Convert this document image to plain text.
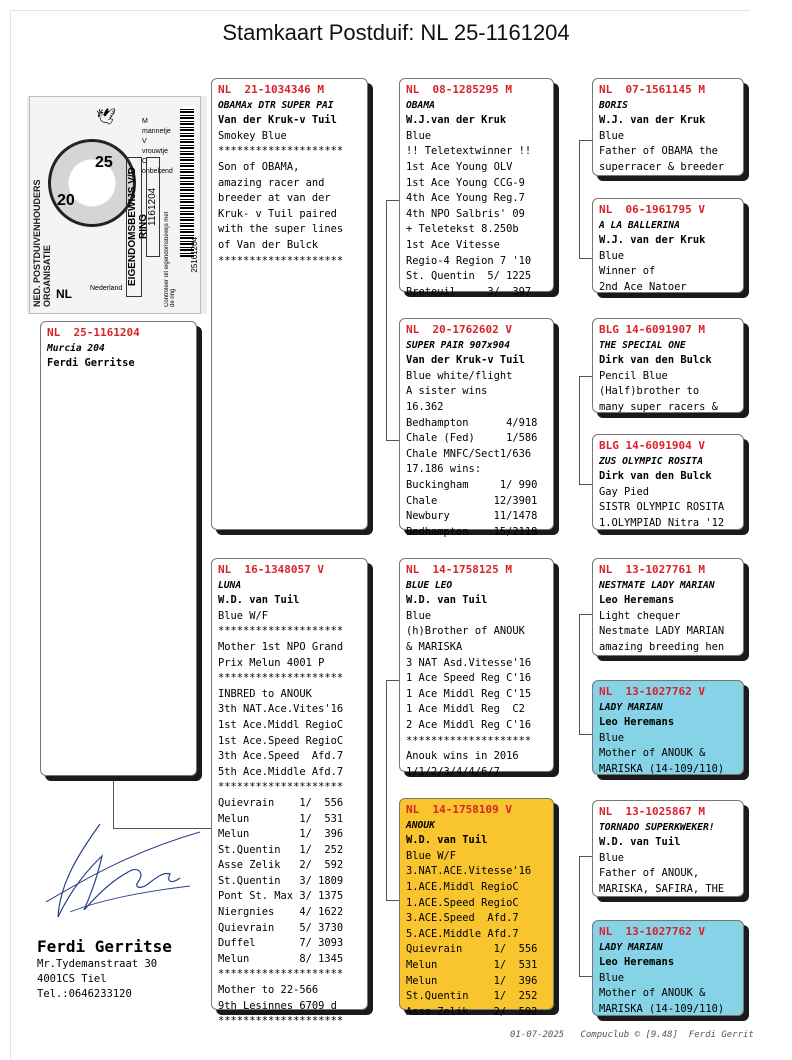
Stamkaart Postduif: NL 25-1161204
NED. POSTDUIVENHOUDERS ORGANISATIE
🕊
25
20
M mannetje
V vrouwtje
O onbekend
EIGENDOMSBEWIJS V/D RING
1161204
NL	Nederland	Controleer dit eigendomsbewijs met de ring
25161204
NL  25-1161204
Murcia 204
Ferdi Gerritse
NL  21-1034346 M
OBAMAx DTR SUPER PAI
Van der Kruk-v Tuil
Smokey Blue
********************
Son of OBAMA,
amazing racer and
breeder at van der
Kruk- v Tuil paired
with the super lines
of Van der Bulck
********************
NL  16-1348057 V
LUNA
W.D. van Tuil
Blue W/F
********************
Mother 1st NPO Grand
Prix Melun 4001 P
********************
INBRED to ANOUK
3th NAT.Ace.Vites'16
1st Ace.Middl RegioC
1st Ace.Speed RegioC
3th Ace.Speed  Afd.7
5th Ace.Middle Afd.7
********************
Quievrain    1/  556
Melun        1/  531
Melun        1/  396
St.Quentin   1/  252
Asse Zelik   2/  592
St.Quentin   3/ 1809
Pont St. Max 3/ 1375
Niergnies    4/ 1622
Quievrain    5/ 3730
Duffel       7/ 3093
Melun        8/ 1345
********************
Mother to 22-566
9th Lesinnes 6709 d
********************
NL  08-1285295 M
OBAMA
W.J.van der Kruk
Blue
!! Teletextwinner !!
1st Ace Young OLV
1st Ace Young CCG-9
4th Ace Young Reg.7
4th NPO Salbris' 09
+ Teletekst 8.250b
1st Ace Vitesse
Regio-4 Region 7 '10
St. Quentin  5/ 1225
Breteuil     3/  397
NL  20-1762602 V
SUPER PAIR 907x904
Van der Kruk-v Tuil
Blue white/flight
A sister wins
16.362
Bedhampton      4/918
Chale (Fed)     1/586
Chale MNFC/Sect1/636
17.186 wins:
Buckingham     1/ 990
Chale         12/3901
Newbury       11/1478
Bedhampton    15/2118
NL  14-1758125 M
BLUE LEO
W.D. van Tuil
Blue
(h)Brother of ANOUK
& MARISKA
3 NAT Asd.Vitesse'16
1 Ace Speed Reg C'16
1 Ace Middl Reg C'15
1 Ace Middl Reg  C2
2 Ace Middl Reg C'16
********************
Anouk wins in 2016
1/1/2/3/4/4/6/7
NL  14-1758109 V
ANOUK
W.D. van Tuil
Blue W/F
3.NAT.ACE.Vitesse'16
1.ACE.Middl RegioC
1.ACE.Speed RegioC
3.ACE.Speed  Afd.7
5.ACE.Middle Afd.7
Quievrain     1/  556
Melun         1/  531
Melun         1/  396
St.Quentin    1/  252
Asse Zelik    2/  592
NL  07-1561145 M
BORIS
W.J. van der Kruk
Blue
Father of OBAMA the
superracer & breeder
NL  06-1961795 V
A LA BALLERINA
W.J. van der Kruk
Blue
Winner of
2nd Ace Natoer
BLG 14-6091907 M
THE SPECIAL ONE
Dirk van den Bulck
Pencil Blue
(Half)brother to
many super racers &
BLG 14-6091904 V
ZUS OLYMPIC ROSITA
Dirk van den Bulck
Gay Pied
SISTR OLYMPIC ROSITA
1.OLYMPIAD Nitra '12
NL  13-1027761 M
NESTMATE LADY MARIAN
Leo Heremans
Light chequer
Nestmate LADY MARIAN
amazing breeding hen
NL  13-1027762 V
LADY MARIAN
Leo Heremans
Blue
Mother of ANOUK &
MARISKA (14-109/110)
NL  13-1025867 M
TORNADO SUPERKWEKER!
W.D. van Tuil
Blue
Father of ANOUK,
MARISKA, SAFIRA, THE
NL  13-1027762 V
LADY MARIAN
Leo Heremans
Blue
Mother of ANOUK &
MARISKA (14-109/110)
Ferdi Gerritse
Mr.Tydemanstraat 30
4001CS Tiel
Tel.:0646233120
01-07-2025   Compuclub © [9.48]  Ferdi Gerrit
